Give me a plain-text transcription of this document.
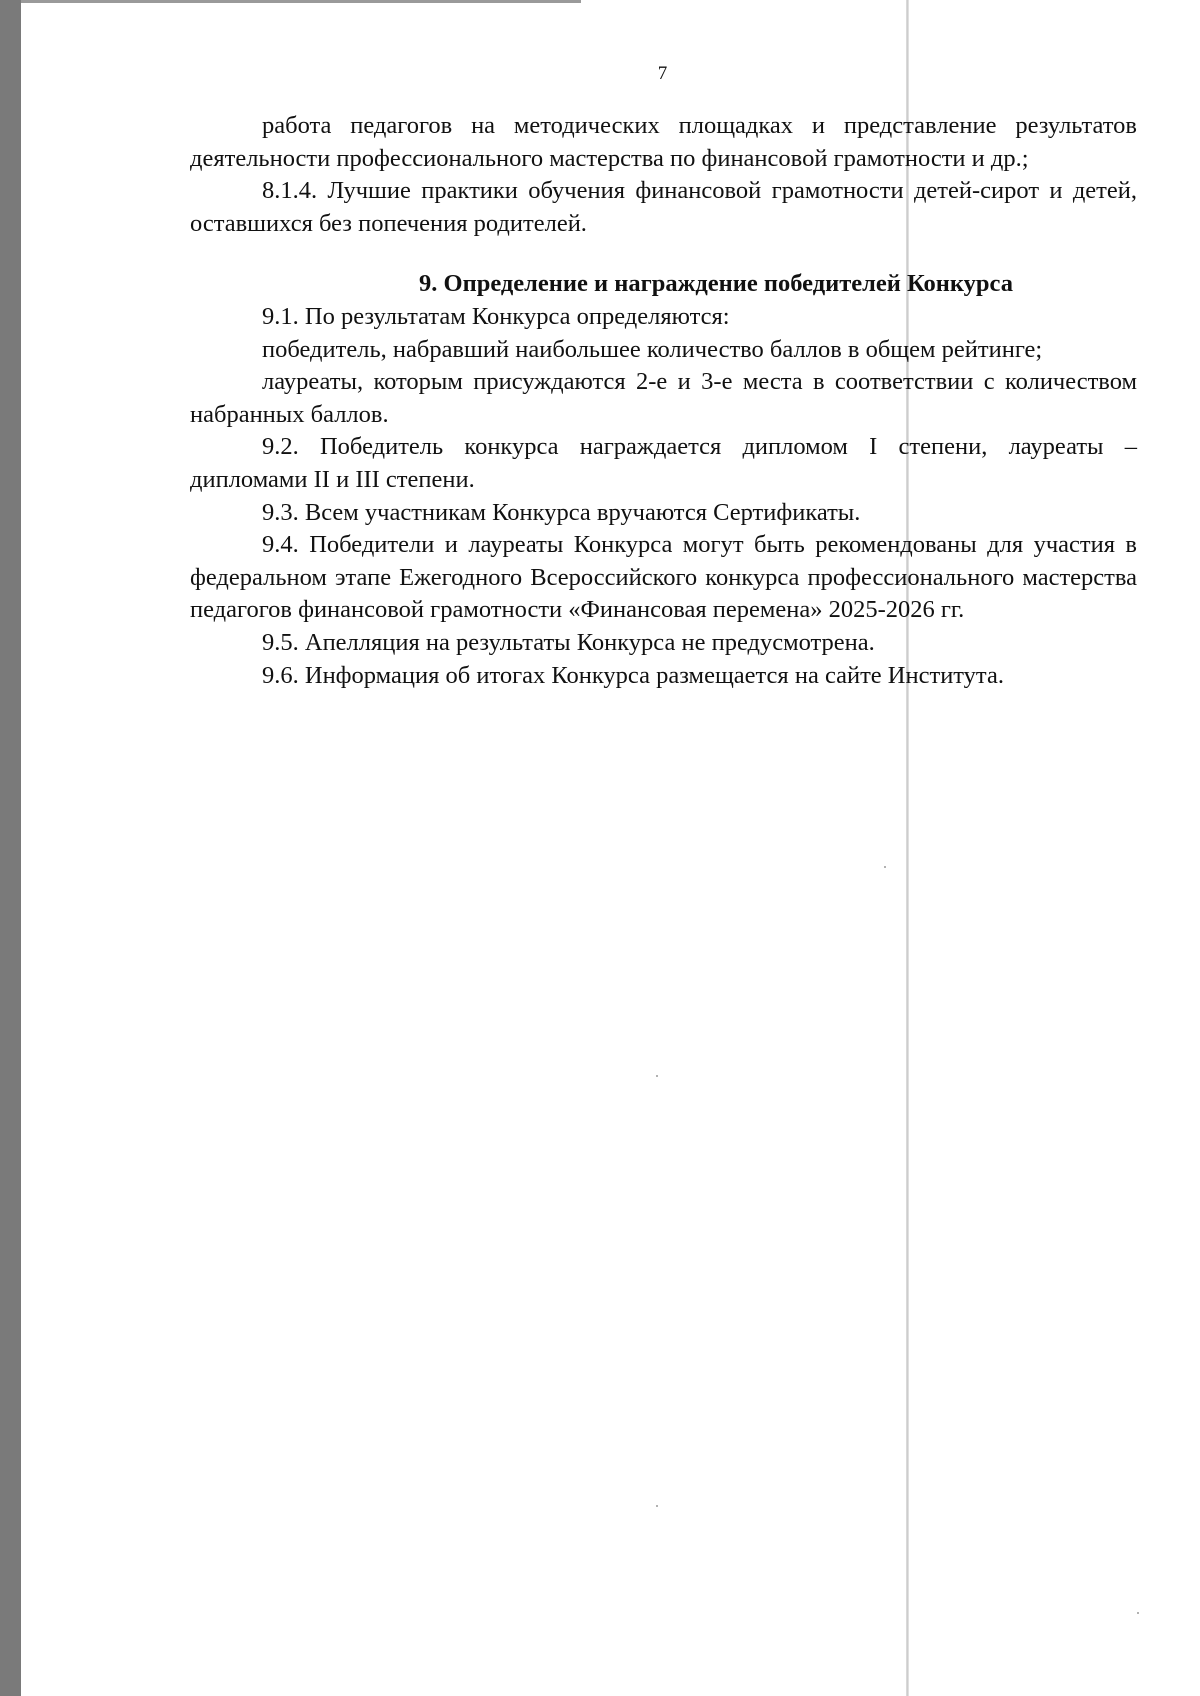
7

работа педагогов на методических площадках и представление результатов деятельности профессионального мастерства по финансовой грамотности и др.;

8.1.4. Лучшие практики обучения финансовой грамотности детей-сирот и детей, оставшихся без попечения родителей.

9. Определение и награждение победителей Конкурса

9.1. По результатам Конкурса определяются:

победитель, набравший наибольшее количество баллов в общем рейтинге;

лауреаты, которым присуждаются 2-е и 3-е места в соответствии с количеством набранных баллов.

9.2. Победитель конкурса награждается дипломом I степени, лауреаты – дипломами II и III степени.

9.3. Всем участникам Конкурса вручаются Сертификаты.

9.4. Победители и лауреаты Конкурса могут быть рекомендованы для участия в федеральном этапе Ежегодного Всероссийского конкурса профессионального мастерства педагогов финансовой грамотности «Финансовая перемена» 2025-2026 гг.

9.5. Апелляция на результаты Конкурса не предусмотрена.

9.6. Информация об итогах Конкурса размещается на сайте Института.
